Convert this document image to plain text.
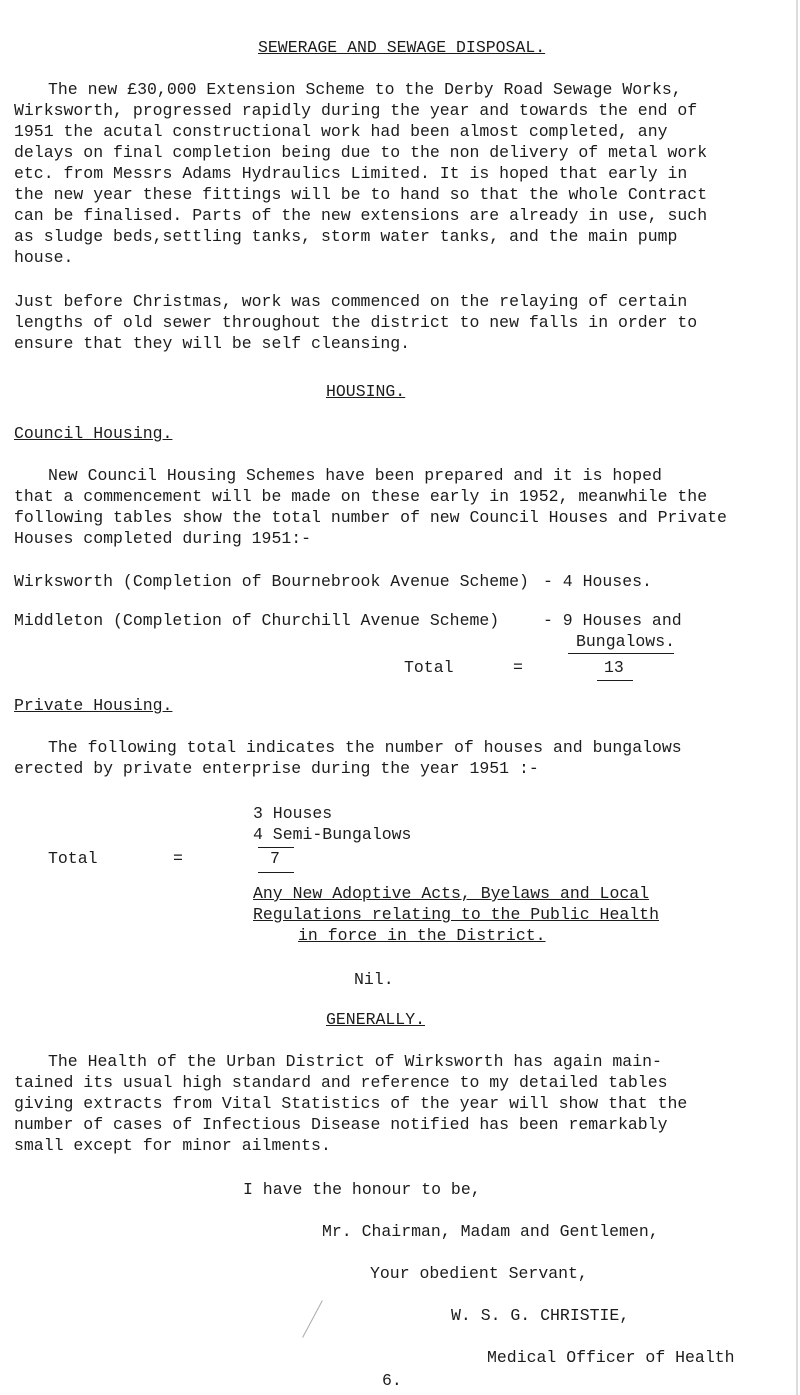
SEWERAGE AND SEWAGE DISPOSAL.
The new £30,000 Extension Scheme to the Derby Road Sewage Works,
Wirksworth, progressed rapidly during the year and towards the end of
1951 the acutal constructional work had been almost completed, any
delays on final completion being due to the non delivery of metal work
etc. from Messrs Adams Hydraulics Limited. It is hoped that early in
the new year these fittings will be to hand so that the whole Contract
can be finalised. Parts of the new extensions are already in use, such
as sludge beds,settling tanks, storm water tanks, and the main pump
house.
Just before Christmas, work was commenced on the relaying of certain
lengths of old sewer throughout the district to new falls in order to
ensure that they will be self cleansing.
HOUSING.
Council Housing.
New Council Housing Schemes have been prepared and it is hoped
that a commencement will be made on these early in 1952, meanwhile the
following tables show the total number of new Council Houses and Private
Houses completed during 1951:-
Wirksworth (Completion of Bournebrook Avenue Scheme) - 4 Houses.
Middleton (Completion of Churchill Avenue Scheme)	- 9 Houses and
Bungalows.
Total	=	13
Private Housing.
The following total indicates the number of houses and bungalows
erected by private enterprise during the year 1951 :-
3 Houses
4 Semi-Bungalows
Total	=	7
Any New Adoptive Acts, Byelaws and Local
Regulations relating to the Public Health
in force in the District.
Nil.
GENERALLY.
The Health of the Urban District of Wirksworth has again main-
tained its usual high standard and reference to my detailed tables
giving extracts from Vital Statistics of the year will show that the
number of cases of Infectious Disease notified has been remarkably
small except for minor ailments.
I have the honour to be,
Mr. Chairman, Madam and Gentlemen,
Your obedient Servant,
W. S. G. CHRISTIE,
Medical Officer of Health
6.
